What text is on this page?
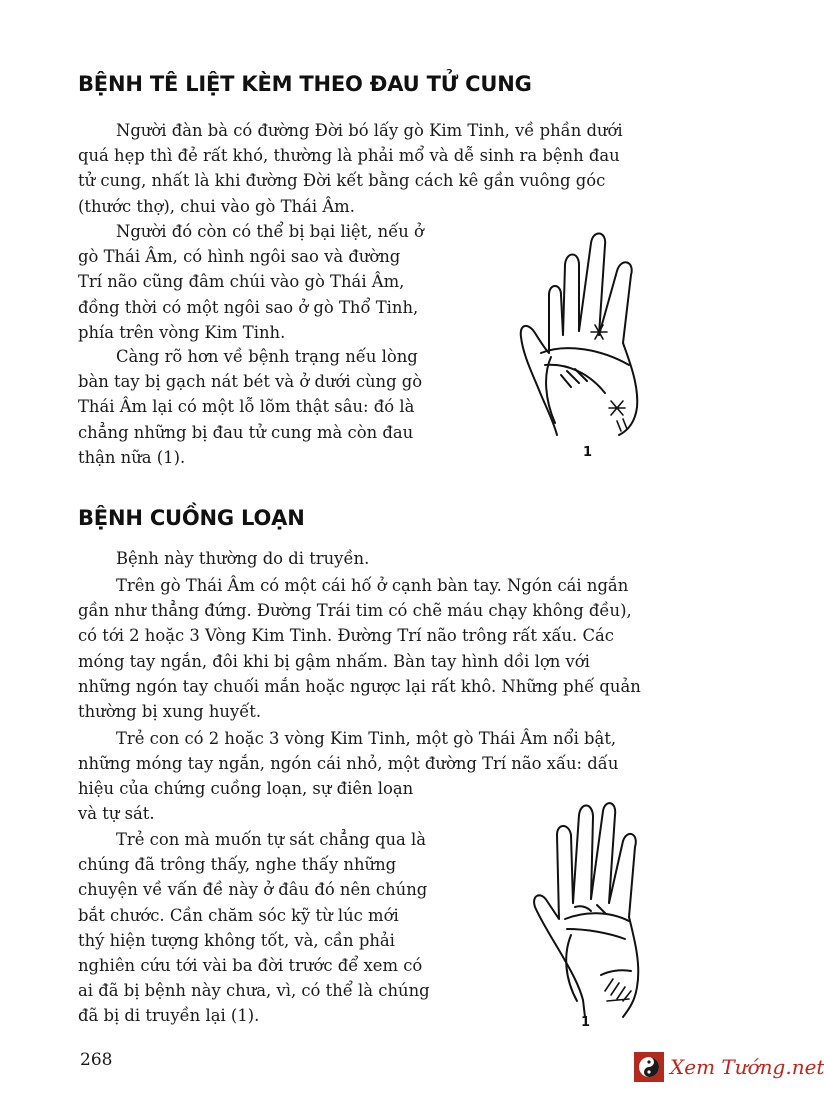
BỆNH TÊ LIỆT KÈM THEO ĐAU TỬ CUNG

Người đàn bà có đường Đời bó lấy gò Kim Tinh, về phần dưới
quá hẹp thì đẻ rất khó, thường là phải mổ và dễ sinh ra bệnh đau
tử cung, nhất là khi đường Đời kết bằng cách kê gần vuông góc
(thước thợ), chui vào gò Thái Âm.

Người đó còn có thể bị bại liệt, nếu ở
gò Thái Âm, có hình ngôi sao và đường
Trí não cũng đâm chúi vào gò Thái Âm,
đồng thời có một ngôi sao ở gò Thổ Tinh,
phía trên vòng Kim Tinh.

Càng rõ hơn về bệnh trạng nếu lòng
bàn tay bị gạch nát bét và ở dưới cùng gò
Thái Âm lại có một lỗ lõm thật sâu: đó là
chẳng những bị đau tử cung mà còn đau
thận nữa (1).	1
BỆNH CUỒNG LOẠN

Bệnh này thường do di truyền.

Trên gò Thái Âm có một cái hố ở cạnh bàn tay. Ngón cái ngắn
gần như thẳng đứng. Đường Trái tim có chẽ máu chạy không đều),
có tới 2 hoặc 3 Vòng Kim Tinh. Đường Trí não trông rất xấu. Các
móng tay ngắn, đôi khi bị gậm nhấm. Bàn tay hình dồi lợn với
những ngón tay chuối mắn hoặc ngược lại rất khô. Những phế quản
thường bị xung huyết.

Trẻ con có 2 hoặc 3 vòng Kim Tinh, một gò Thái Âm nổi bật,
những móng tay ngắn, ngón cái nhỏ, một đường Trí não xấu: dấu

hiệu của chứng cuồng loạn, sự điên loạn
và tự sát.

Trẻ con mà muốn tự sát chẳng qua là
chúng đã trông thấy, nghe thấy những
chuyện về vấn đề này ở đâu đó nên chúng
bắt chước. Cần chăm sóc kỹ từ lúc mới
thý hiện tượng không tốt, và, cần phải
nghiên cứu tới vài ba đời trước để xem có
ai đã bị bệnh này chưa, vì, có thể là chúng
đã bị di truyền lại (1).	1

268	Xem Tướng.net
